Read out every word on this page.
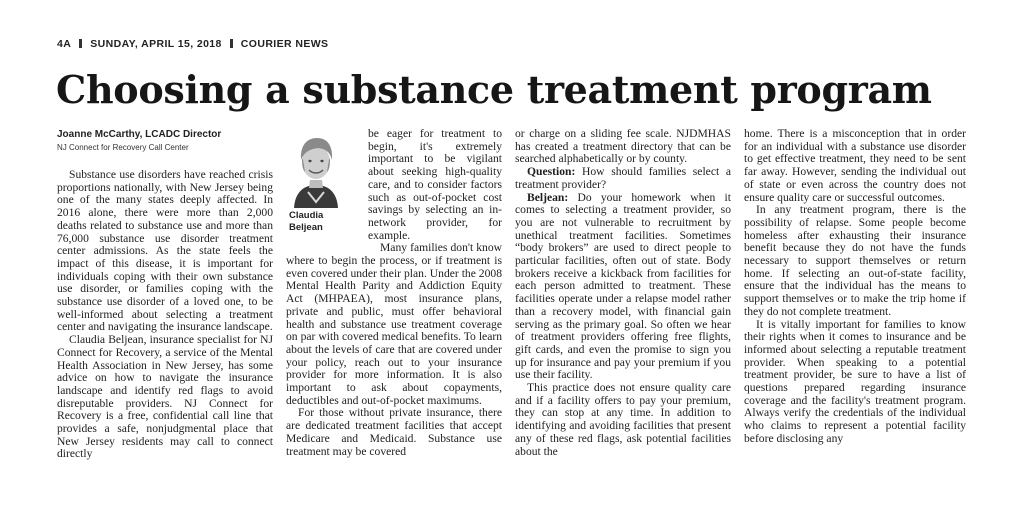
4A SUNDAY, APRIL 15, 2018 COURIER NEWS
Choosing a substance treatment program
Joanne McCarthy, LCADC Director
NJ Connect for Recovery Call Center

Substance use disorders have reached crisis proportions nationally, with New Jersey being one of the many states deeply affected. In 2016 alone, there were more than 2,000 deaths related to substance use and more than 76,000 substance use disorder treatment center admissions. As the state feels the impact of this disease, it is important for individuals coping with their own substance use disorder, or families coping with the substance use disorder of a loved one, to be well-informed about selecting a treatment center and navigating the insurance landscape.

Claudia Beljean, insurance specialist for NJ Connect for Recovery, a service of the Mental Health Association in New Jersey, has some advice on how to navigate the insurance landscape and identify red flags to avoid disreputable providers. NJ Connect for Recovery is a free, confidential call line that provides a safe, nonjudgmental place that New Jersey residents may call to connect directly

Claudia
Beljean

be eager for treatment to begin, it's extremely important to be vigilant about seeking high-quality care, and to consider factors such as out-of-pocket cost savings by selecting an in-network provider, for example.

Many families don't know where to begin the process, or if treatment is even covered under their plan. Under the 2008 Mental Health Parity and Addiction Equity Act (MHPAEA), most insurance plans, private and public, must offer behavioral health and substance use treatment coverage on par with covered medical benefits. To learn about the levels of care that are covered under your policy, reach out to your insurance provider for more information. It is also important to ask about copayments, deductibles and out-of-pocket maximums.

For those without private insurance, there are dedicated treatment facilities that accept Medicare and Medicaid. Substance use treatment may be covered

or charge on a sliding fee scale. NJDMHAS has created a treatment directory that can be searched alphabetically or by county.

Question: How should families select a treatment provider?

Beljean: Do your homework when it comes to selecting a treatment provider, so you are not vulnerable to recruitment by unethical treatment facilities. Sometimes “body brokers” are used to direct people to particular facilities, often out of state. Body brokers receive a kickback from facilities for each person admitted to treatment. These facilities operate under a relapse model rather than a recovery model, with financial gain serving as the primary goal. So often we hear of treatment providers offering free flights, gift cards, and even the promise to sign you up for insurance and pay your premium if you use their facility.

This practice does not ensure quality care and if a facility offers to pay your premium, they can stop at any time. In addition to identifying and avoiding facilities that present any of these red flags, ask potential facilities about the

home. There is a misconception that in order for an individual with a substance use disorder to get effective treatment, they need to be sent far away. However, sending the individual out of state or even across the country does not ensure quality care or successful outcomes.

In any treatment program, there is the possibility of relapse. Some people become homeless after exhausting their insurance benefit because they do not have the funds necessary to support themselves or return home. If selecting an out-of-state facility, ensure that the individual has the means to support themselves or to make the trip home if they do not complete treatment.

It is vitally important for families to know their rights when it comes to insurance and be informed about selecting a reputable treatment provider. When speaking to a potential treatment provider, be sure to have a list of questions prepared regarding insurance coverage and the facility's treatment program. Always verify the credentials of the individual who claims to represent a potential facility before disclosing any
